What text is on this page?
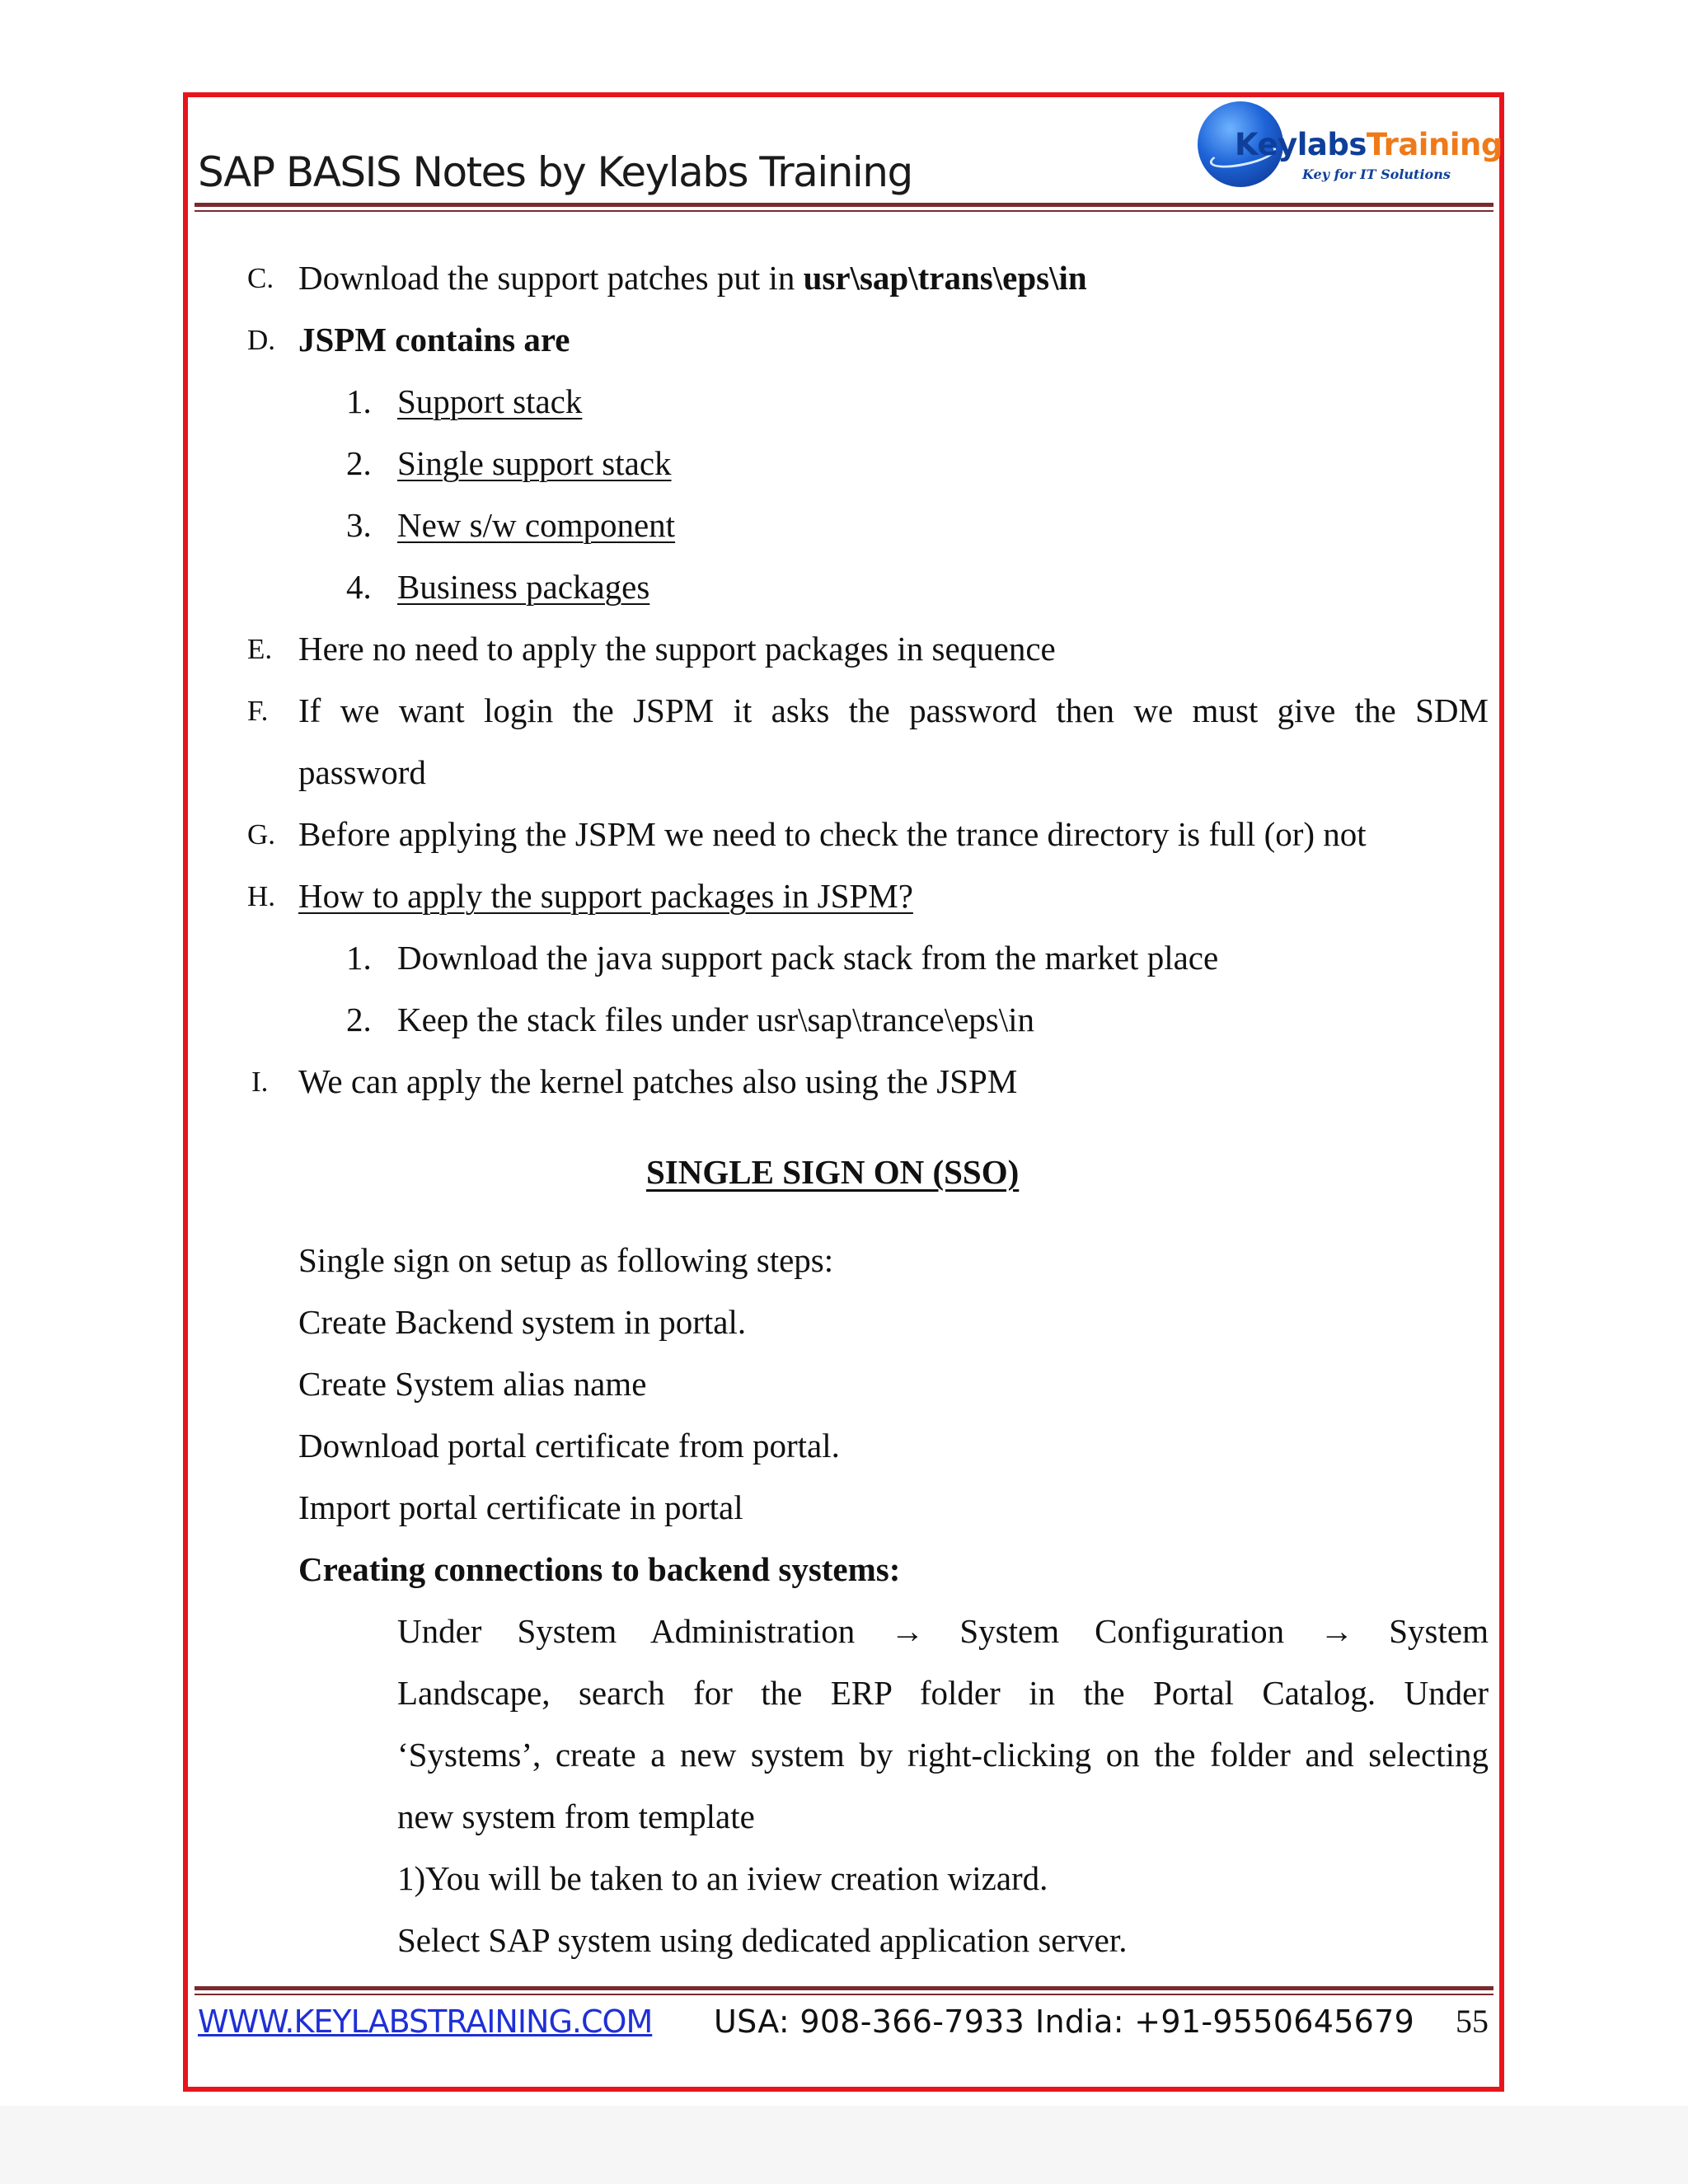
SAP BASIS Notes by Keylabs Training
KeylabsTraining
Key for IT Solutions
C. Download the support patches put in usr\sap\trans\eps\in
D. JSPM contains are
1. Support stack
2. Single support stack
3. New s/w component
4. Business packages
E. Here no need to apply the support packages in sequence
F. If we want login the JSPM it asks the password then we must give the SDM
password
G. Before applying the JSPM we need to check the trance directory is full (or) not
H. How to apply the support packages in JSPM?
1. Download the java support pack stack from the market place
2. Keep the stack files under usr\sap\trance\eps\in
I. We can apply the kernel patches also using the JSPM
SINGLE SIGN ON (SSO)
Single sign on setup as following steps:
Create Backend system in portal.
Create System alias name
Download portal certificate from portal.
Import portal certificate in portal
Creating connections to backend systems:
Under System Administration → System Configuration → System
Landscape, search for the ERP folder in the Portal Catalog. Under
‘Systems’, create a new system by right-clicking on the folder and selecting
new system from template
1)You will be taken to an iview creation wizard.
Select SAP system using dedicated application server.
WWW.KEYLABSTRAINING.COM USA: 908-366-7933 India: +91-9550645679 55
